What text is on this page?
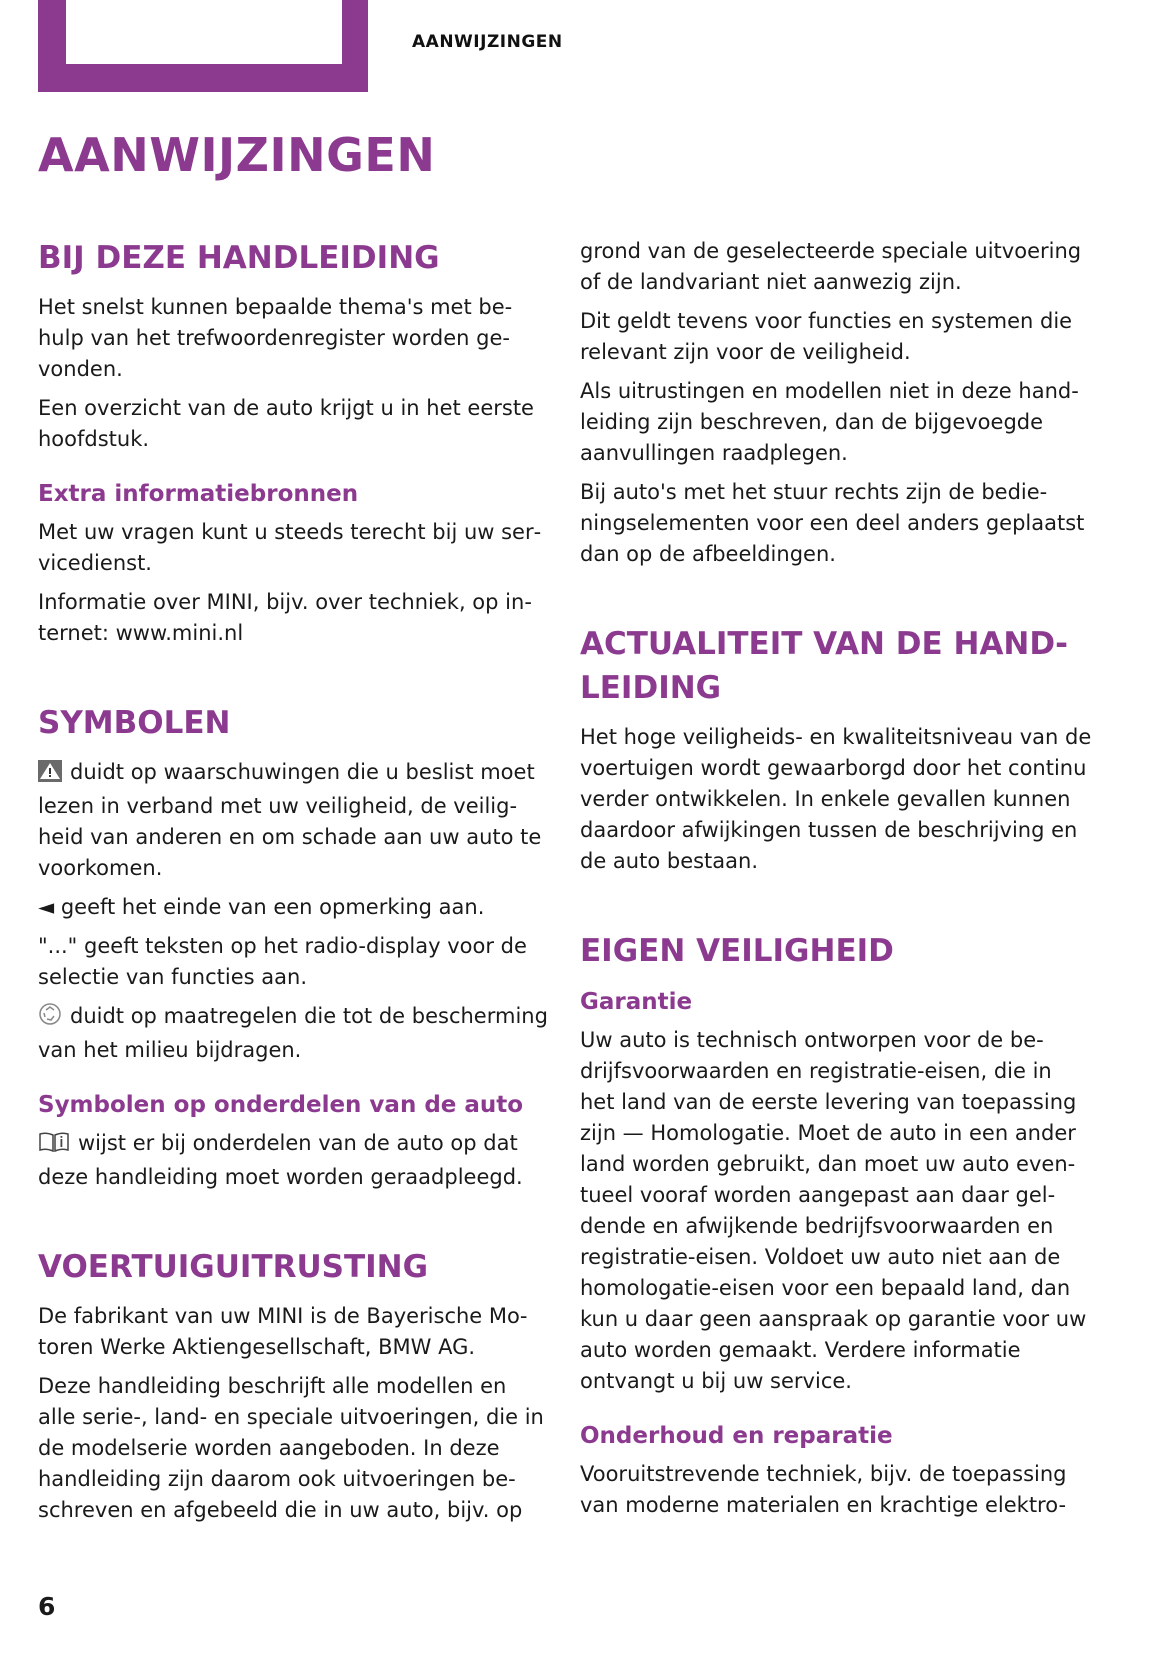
AANWIJZINGEN
AANWIJZINGEN
BIJ DEZE HANDLEIDING

Het snelst kunnen bepaalde thema's met behulp van het trefwoordenregister worden gevonden.

Een overzicht van de auto krijgt u in het eerste hoofdstuk.

Extra informatiebronnen

Met uw vragen kunt u steeds terecht bij uw servicedienst.

Informatie over MINI, bijv. over techniek, op internet: www.mini.nl

SYMBOLEN

duidt op waarschuwingen die u beslist moet lezen in verband met uw veiligheid, de veiligheid van anderen en om schade aan uw auto te voorkomen.

◄ geeft het einde van een opmerking aan.

"..." geeft teksten op het radio-display voor de selectie van functies aan.

duidt op maatregelen die tot de bescherming van het milieu bijdragen.

Symbolen op onderdelen van de auto

wijst er bij onderdelen van de auto op dat deze handleiding moet worden geraadpleegd.

VOERTUIGUITRUSTING

De fabrikant van uw MINI is de Bayerische Motoren Werke Aktiengesellschaft, BMW AG.

Deze handleiding beschrijft alle modellen en alle serie-, land- en speciale uitvoeringen, die in de modelserie worden aangeboden. In deze handleiding zijn daarom ook uitvoeringen beschreven en afgebeeld die in uw auto, bijv. op

grond van de geselecteerde speciale uitvoering of de landvariant niet aanwezig zijn.

Dit geldt tevens voor functies en systemen die relevant zijn voor de veiligheid.

Als uitrustingen en modellen niet in deze handleiding zijn beschreven, dan de bijgevoegde aanvullingen raadplegen.

Bij auto's met het stuur rechts zijn de bedieningselementen voor een deel anders geplaatst dan op de afbeeldingen.

ACTUALITEIT VAN DE HANDLEIDING

Het hoge veiligheids- en kwaliteitsniveau van de voertuigen wordt gewaarborgd door het continu verder ontwikkelen. In enkele gevallen kunnen daardoor afwijkingen tussen de beschrijving en de auto bestaan.

EIGEN VEILIGHEID
Garantie

Uw auto is technisch ontworpen voor de bedrijfsvoorwaarden en registratie-eisen, die in het land van de eerste levering van toepassing zijn — Homologatie. Moet de auto in een ander land worden gebruikt, dan moet uw auto eventueel vooraf worden aangepast aan daar geldende en afwijkende bedrijfsvoorwaarden en registratie-eisen. Voldoet uw auto niet aan de homologatie-eisen voor een bepaald land, dan kun u daar geen aanspraak op garantie voor uw auto worden gemaakt. Verdere informatie ontvangt u bij uw service.

Onderhoud en reparatie

Vooruitstrevende techniek, bijv. de toepassing van moderne materialen en krachtige elektro-

6
